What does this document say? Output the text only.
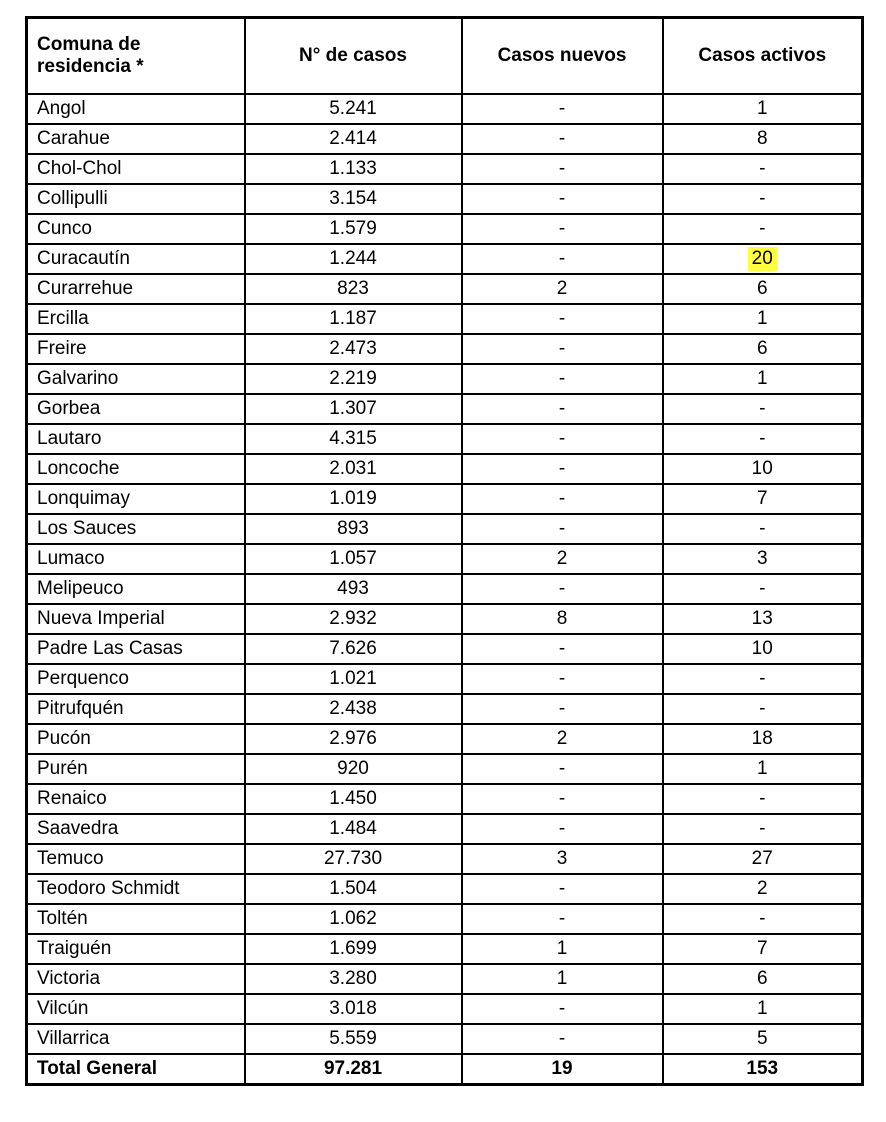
Comuna de residencia *	N° de casos	Casos nuevos	Casos activos
Angol	5.241	-	1
Carahue	2.414	-	8
Chol-Chol	1.133	-	-
Collipulli	3.154	-	-
Cunco	1.579	-	-
Curacautín	1.244	-	20
Curarrehue	823	2	6
Ercilla	1.187	-	1
Freire	2.473	-	6
Galvarino	2.219	-	1
Gorbea	1.307	-	-
Lautaro	4.315	-	-
Loncoche	2.031	-	10
Lonquimay	1.019	-	7
Los Sauces	893	-	-
Lumaco	1.057	2	3
Melipeuco	493	-	-
Nueva Imperial	2.932	8	13
Padre Las Casas	7.626	-	10
Perquenco	1.021	-	-
Pitrufquén	2.438	-	-
Pucón	2.976	2	18
Purén	920	-	1
Renaico	1.450	-	-
Saavedra	1.484	-	-
Temuco	27.730	3	27
Teodoro Schmidt	1.504	-	2
Toltén	1.062	-	-
Traiguén	1.699	1	7
Victoria	3.280	1	6
Vilcún	3.018	-	1
Villarrica	5.559	-	5
Total General	97.281	19	153
